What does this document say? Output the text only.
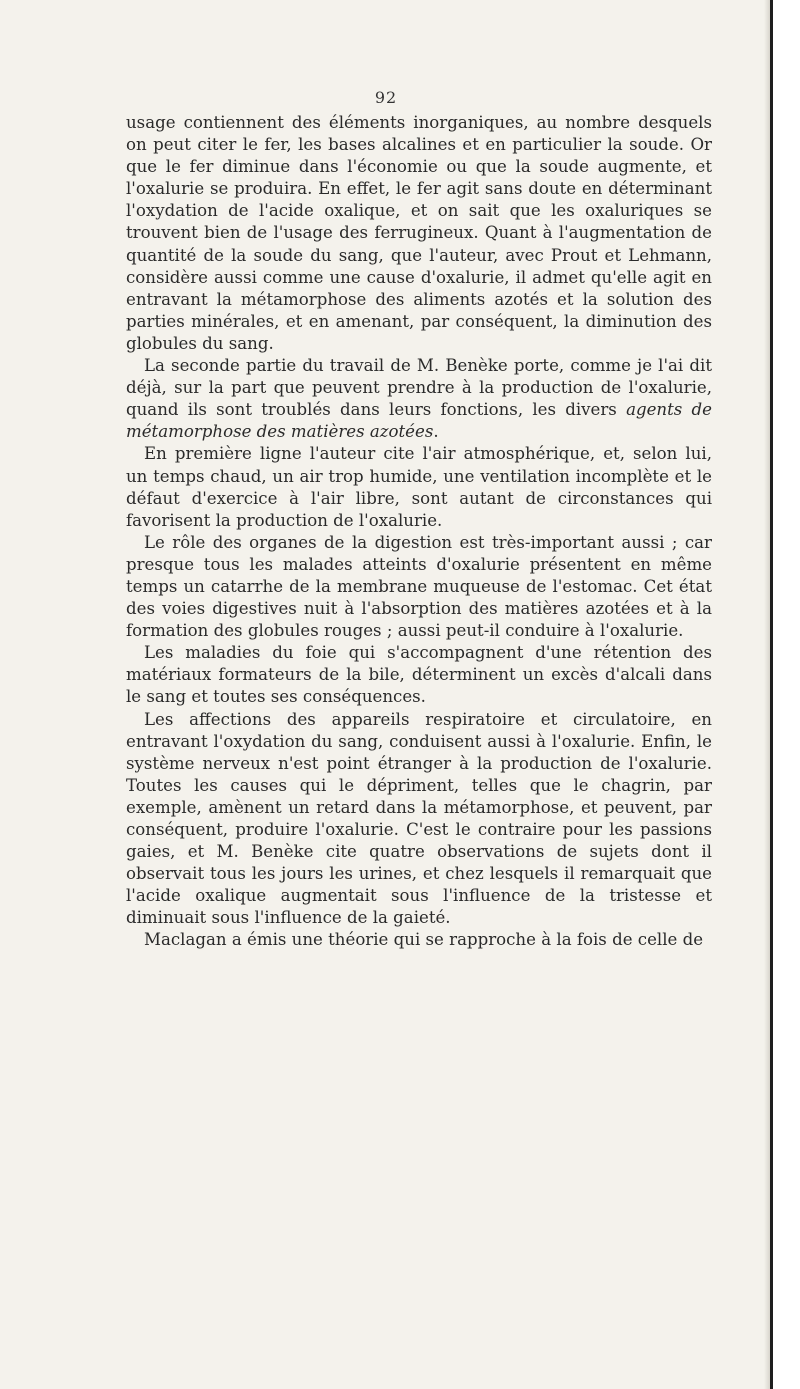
92

usage contiennent des éléments inorganiques, au nombre desquels on peut citer le fer, les bases alcalines et en particulier la soude. Or que le fer diminue dans l'économie ou que la soude augmente, et l'oxalurie se produira. En effet, le fer agit sans doute en déterminant l'oxydation de l'acide oxalique, et on sait que les oxaluriques se trouvent bien de l'usage des ferrugineux. Quant à l'augmentation de quantité de la soude du sang, que l'auteur, avec Prout et Lehmann, considère aussi comme une cause d'oxalurie, il admet qu'elle agit en entravant la métamorphose des aliments azotés et la solution des parties minérales, et en amenant, par conséquent, la diminution des globules du sang.

La seconde partie du travail de M. Benèke porte, comme je l'ai dit déjà, sur la part que peuvent prendre à la production de l'oxalurie, quand ils sont troublés dans leurs fonctions, les divers agents de métamorphose des matières azotées.

En première ligne l'auteur cite l'air atmosphérique, et, selon lui, un temps chaud, un air trop humide, une ventilation incomplète et le défaut d'exercice à l'air libre, sont autant de circonstances qui favorisent la production de l'oxalurie.

Le rôle des organes de la digestion est très-important aussi ; car presque tous les malades atteints d'oxalurie présentent en même temps un catarrhe de la membrane muqueuse de l'estomac. Cet état des voies digestives nuit à l'absorption des matières azotées et à la formation des globules rouges ; aussi peut-il conduire à l'oxalurie.

Les maladies du foie qui s'accompagnent d'une rétention des matériaux formateurs de la bile, déterminent un excès d'alcali dans le sang et toutes ses conséquences.

Les affections des appareils respiratoire et circulatoire, en entravant l'oxydation du sang, conduisent aussi à l'oxalurie. Enfin, le système nerveux n'est point étranger à la production de l'oxalurie. Toutes les causes qui le dépriment, telles que le chagrin, par exemple, amènent un retard dans la métamorphose, et peuvent, par conséquent, produire l'oxalurie. C'est le contraire pour les passions gaies, et M. Benèke cite quatre observations de sujets dont il observait tous les jours les urines, et chez lesquels il remarquait que l'acide oxalique augmentait sous l'influence de la tristesse et diminuait sous l'influence de la gaieté.

Maclagan a émis une théorie qui se rapproche à la fois de celle de
